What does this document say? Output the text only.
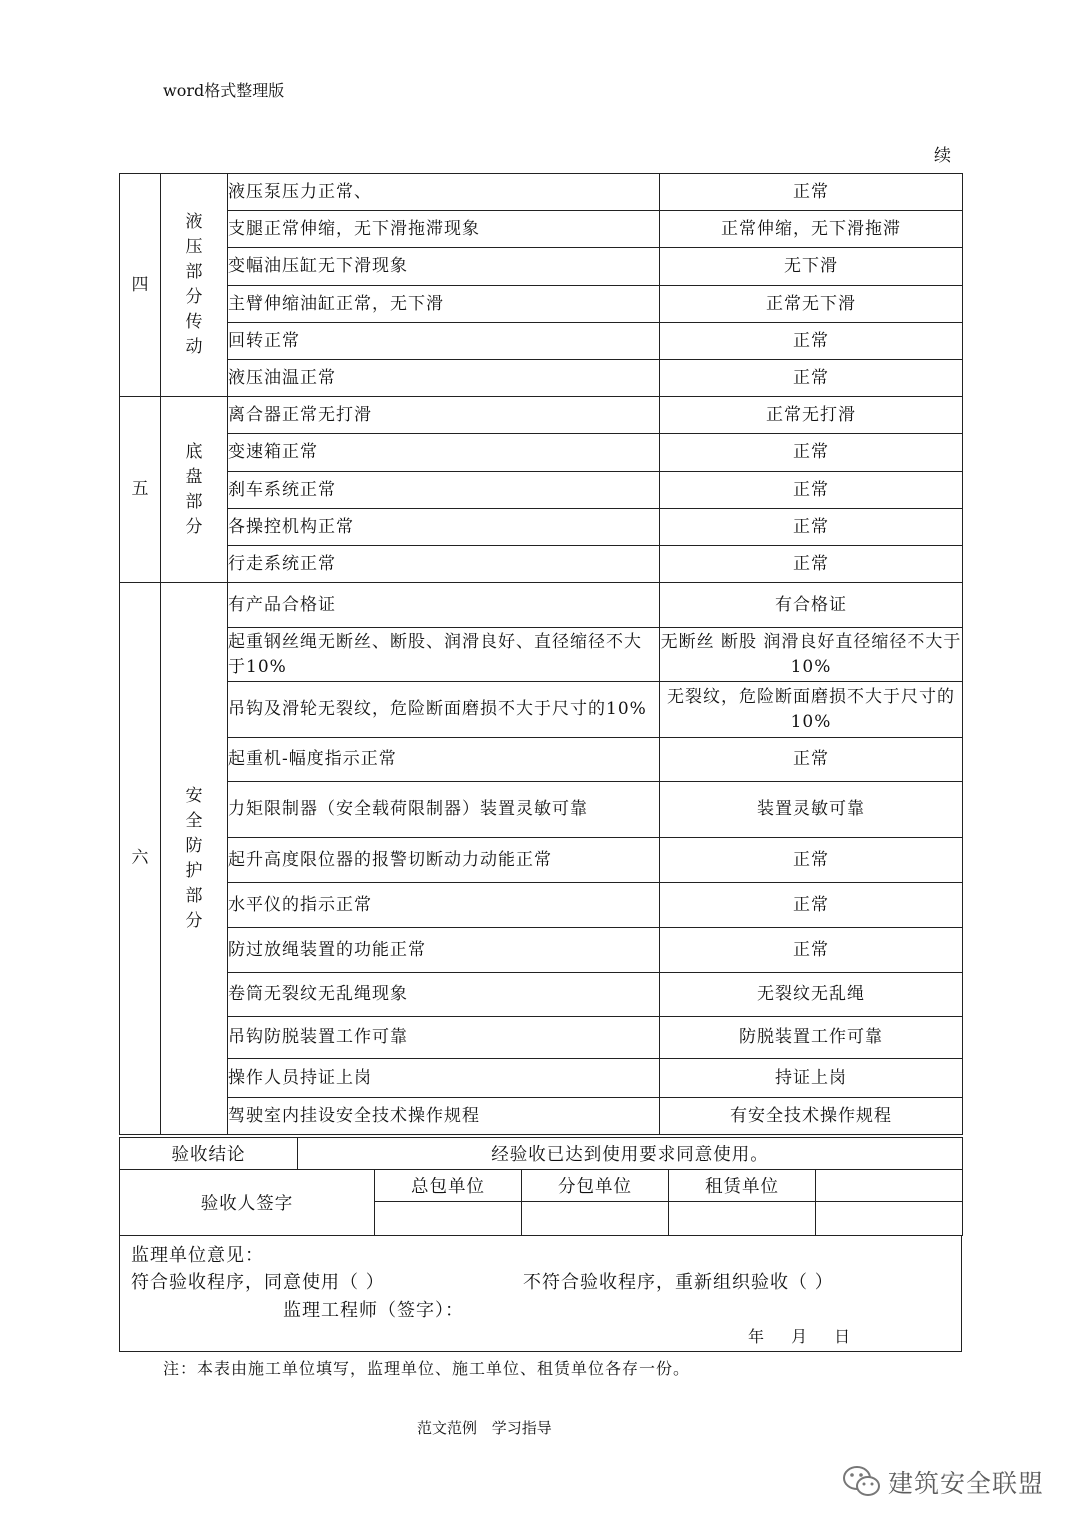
word格式整理版
续
四	液压部分传动	液压泵压力正常、	正常
		支腿正常伸缩，无下滑拖滞现象	正常伸缩，无下滑拖滞
		变幅油压缸无下滑现象	无下滑
		主臂伸缩油缸正常，无下滑	正常无下滑
		回转正常	正常
		液压油温正常	正常
五	底盘部分	离合器正常无打滑	正常无打滑
		变速箱正常	正常
		刹车系统正常	正常
		各操控机构正常	正常
		行走系统正常	正常
六	安全防护部分	有产品合格证	有合格证
		起重钢丝绳无断丝、断股、润滑良好、直径缩径不大于10%	无断丝 断股 润滑良好直径缩径不大于10%
		吊钩及滑轮无裂纹，危险断面磨损不大于尺寸的10%	无裂纹，危险断面磨损不大于尺寸的10%
		起重机-幅度指示正常	正常
		力矩限制器（安全载荷限制器）装置灵敏可靠	装置灵敏可靠
		起升高度限位器的报警切断动力动能正常	正常
		水平仪的指示正常	正常
		防过放绳装置的功能正常	正常
		卷筒无裂纹无乱绳现象	无裂纹无乱绳
		吊钩防脱装置工作可靠	防脱装置工作可靠
		操作人员持证上岗	持证上岗
		驾驶室内挂设安全技术操作规程	有安全技术操作规程
验收结论	经验收已达到使用要求同意使用。				
验收人签字		总包单位	分包单位	租赁单位	

监理单位意见：
符合验收程序，同意使用（ ）	不符合验收程序，重新组织验收（ ）
监理工程师（签字）：
年 月 日
注：本表由施工单位填写，监理单位、施工单位、租赁单位各存一份。
范文范例 学习指导
建筑安全联盟
